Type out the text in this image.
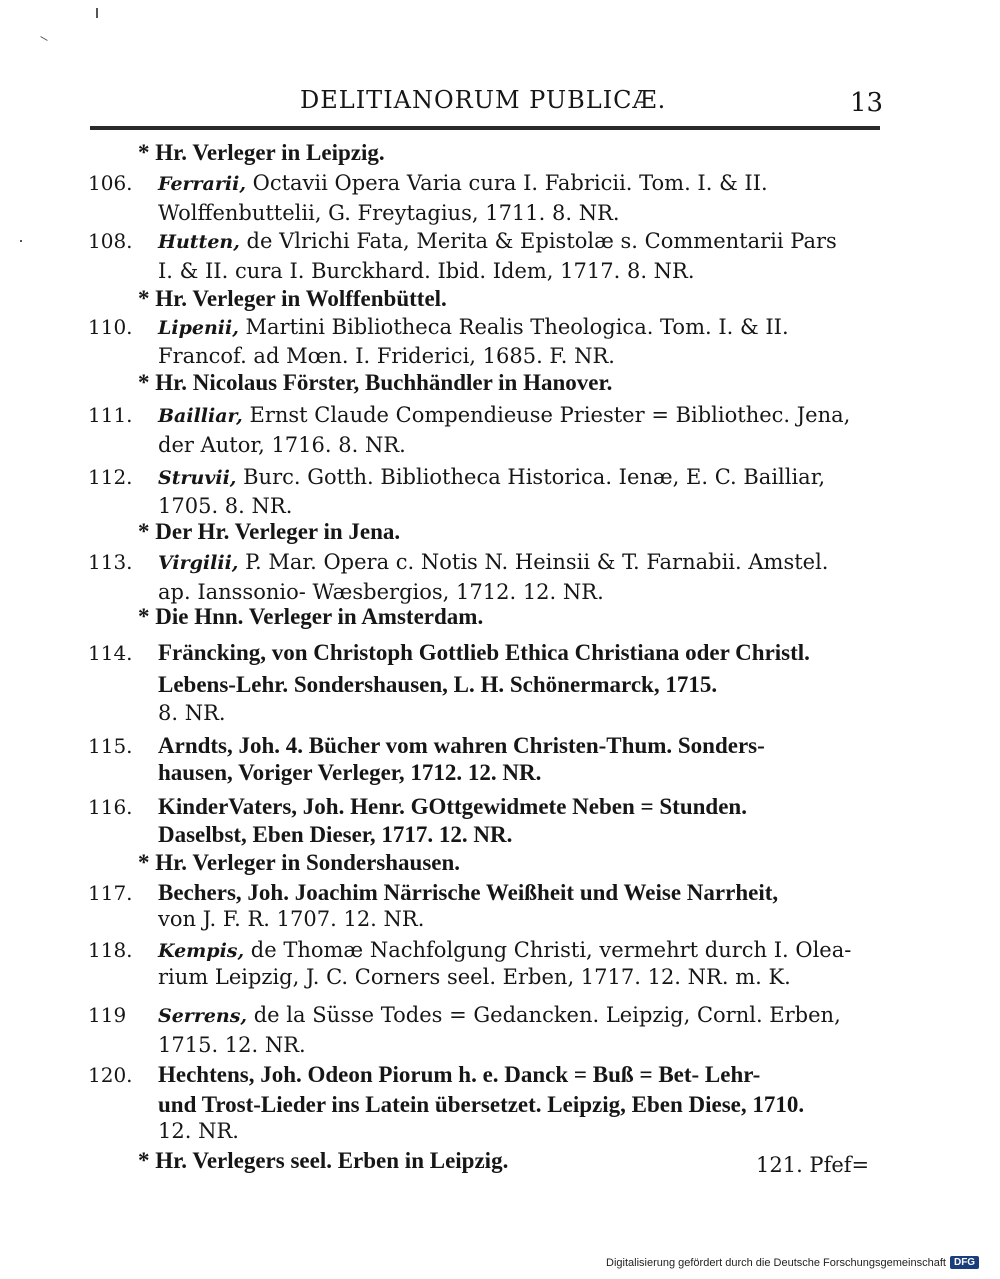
DELITIANORUM PUBLICÆ.	13
* Hr. Verleger in Leipzig.
106. Ferrarii, Octavii Opera Varia cura I. Fabricii. Tom. I. & II.
Wolffenbuttelii, G. Freytagius, 1711. 8. NR.
108. Hutten, de Vlrichi Fata, Merita & Epistolæ s. Commentarii Pars
I. & II. cura I. Burckhard. Ibid. Idem, 1717. 8. NR.
* Hr. Verleger in Wolffenbüttel.
110. Lipenii, Martini Bibliotheca Realis Theologica. Tom. I. & II.
Francof. ad Mœn. I. Friderici, 1685. F. NR.
* Hr. Nicolaus Förster, Buchhändler in Hanover.
111. Bailliar, Ernst Claude Compendieuse Priester = Bibliothec. Jena,
der Autor, 1716. 8. NR.
112. Struvii, Burc. Gotth. Bibliotheca Historica. Ienæ, E. C. Bailliar,
1705. 8. NR.
* Der Hr. Verleger in Jena.
113. Virgilii, P. Mar. Opera c. Notis N. Heinsii & T. Farnabii. Amstel.
ap. Ianssonio- Wæsbergios, 1712. 12. NR.
* Die Hnn. Verleger in Amsterdam.
114. Fräncking, von Christoph Gottlieb Ethica Christiana oder Christl.
Lebens-Lehr. Sondershausen, L. H. Schönermarck, 1715.
8. NR.
115. Arndts, Joh. 4. Bücher vom wahren Christen-Thum. Sonders-
hausen, Voriger Verleger, 1712. 12. NR.
116. KinderVaters, Joh. Henr. GOttgewidmete Neben = Stunden.
Daselbst, Eben Dieser, 1717. 12. NR.
* Hr. Verleger in Sondershausen.
117. Bechers, Joh. Joachim Närrische Weißheit und Weise Narrheit,
von J. F. R. 1707. 12. NR.
118. Kempis, de Thomæ Nachfolgung Christi, vermehrt durch I. Olea-
rium Leipzig, J. C. Corners seel. Erben, 1717. 12. NR. m. K.
119 Serrens, de la Süsse Todes = Gedancken. Leipzig, Cornl. Erben,
1715. 12. NR.
120. Hechtens, Joh. Odeon Piorum h. e. Danck = Buß = Bet- Lehr-
und Trost-Lieder ins Latein übersetzet. Leipzig, Eben Diese, 1710.
12. NR.
* Hr. Verlegers seel. Erben in Leipzig.	121. Pfef=
Digitalisierung gefördert durch die Deutsche Forschungsgemeinschaft DFG
